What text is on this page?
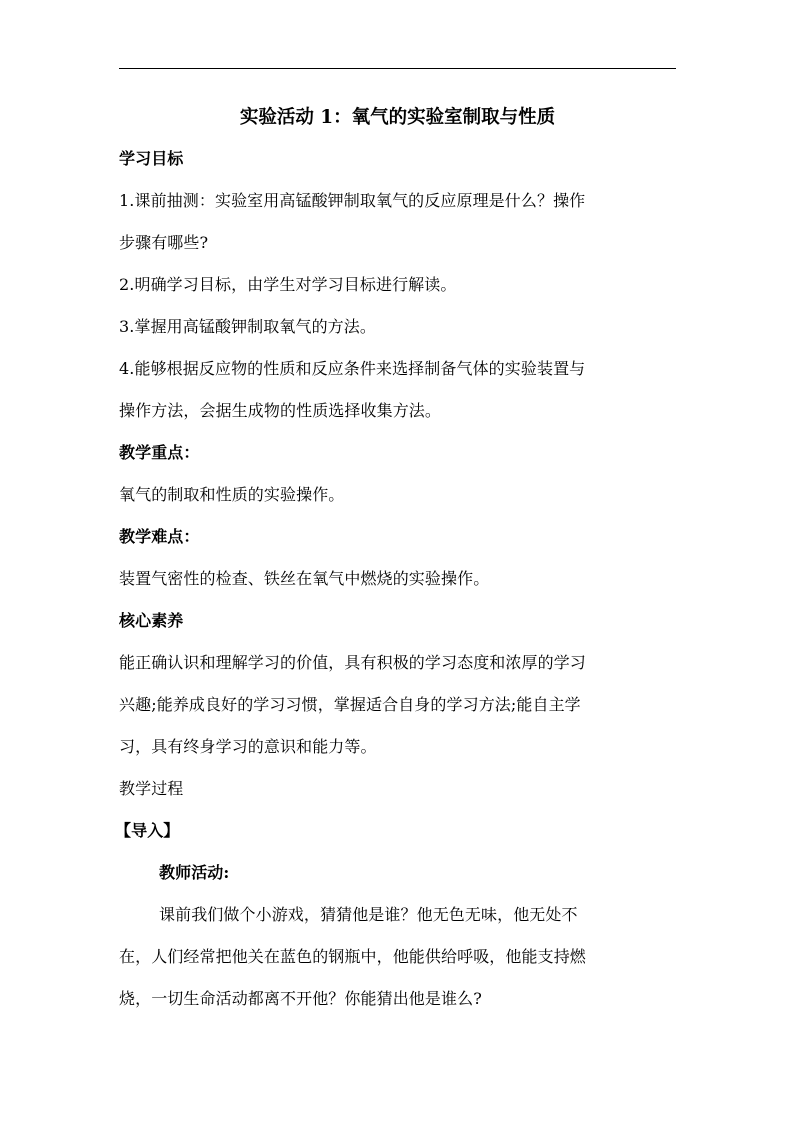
实验活动 1：氧气的实验室制取与性质
学习目标
1.课前抽测：实验室用高锰酸钾制取氧气的反应原理是什么？操作
步骤有哪些?
2.明确学习目标，由学生对学习目标进行解读。
3.掌握用高锰酸钾制取氧气的方法。
4.能够根据反应物的性质和反应条件来选择制备气体的实验装置与
操作方法，会据生成物的性质选择收集方法。
教学重点：
氧气的制取和性质的实验操作。
教学难点：
装置气密性的检查、铁丝在氧气中燃烧的实验操作。
核心素养
能正确认识和理解学习的价值，具有积极的学习态度和浓厚的学习
兴趣;能养成良好的学习习惯，掌握适合自身的学习方法;能自主学
习，具有终身学习的意识和能力等。
教学过程
【导入】
教师活动:
课前我们做个小游戏，猜猜他是谁？他无色无味，他无处不
在，人们经常把他关在蓝色的钢瓶中，他能供给呼吸，他能支持燃
烧，一切生命活动都离不开他？你能猜出他是谁么?
